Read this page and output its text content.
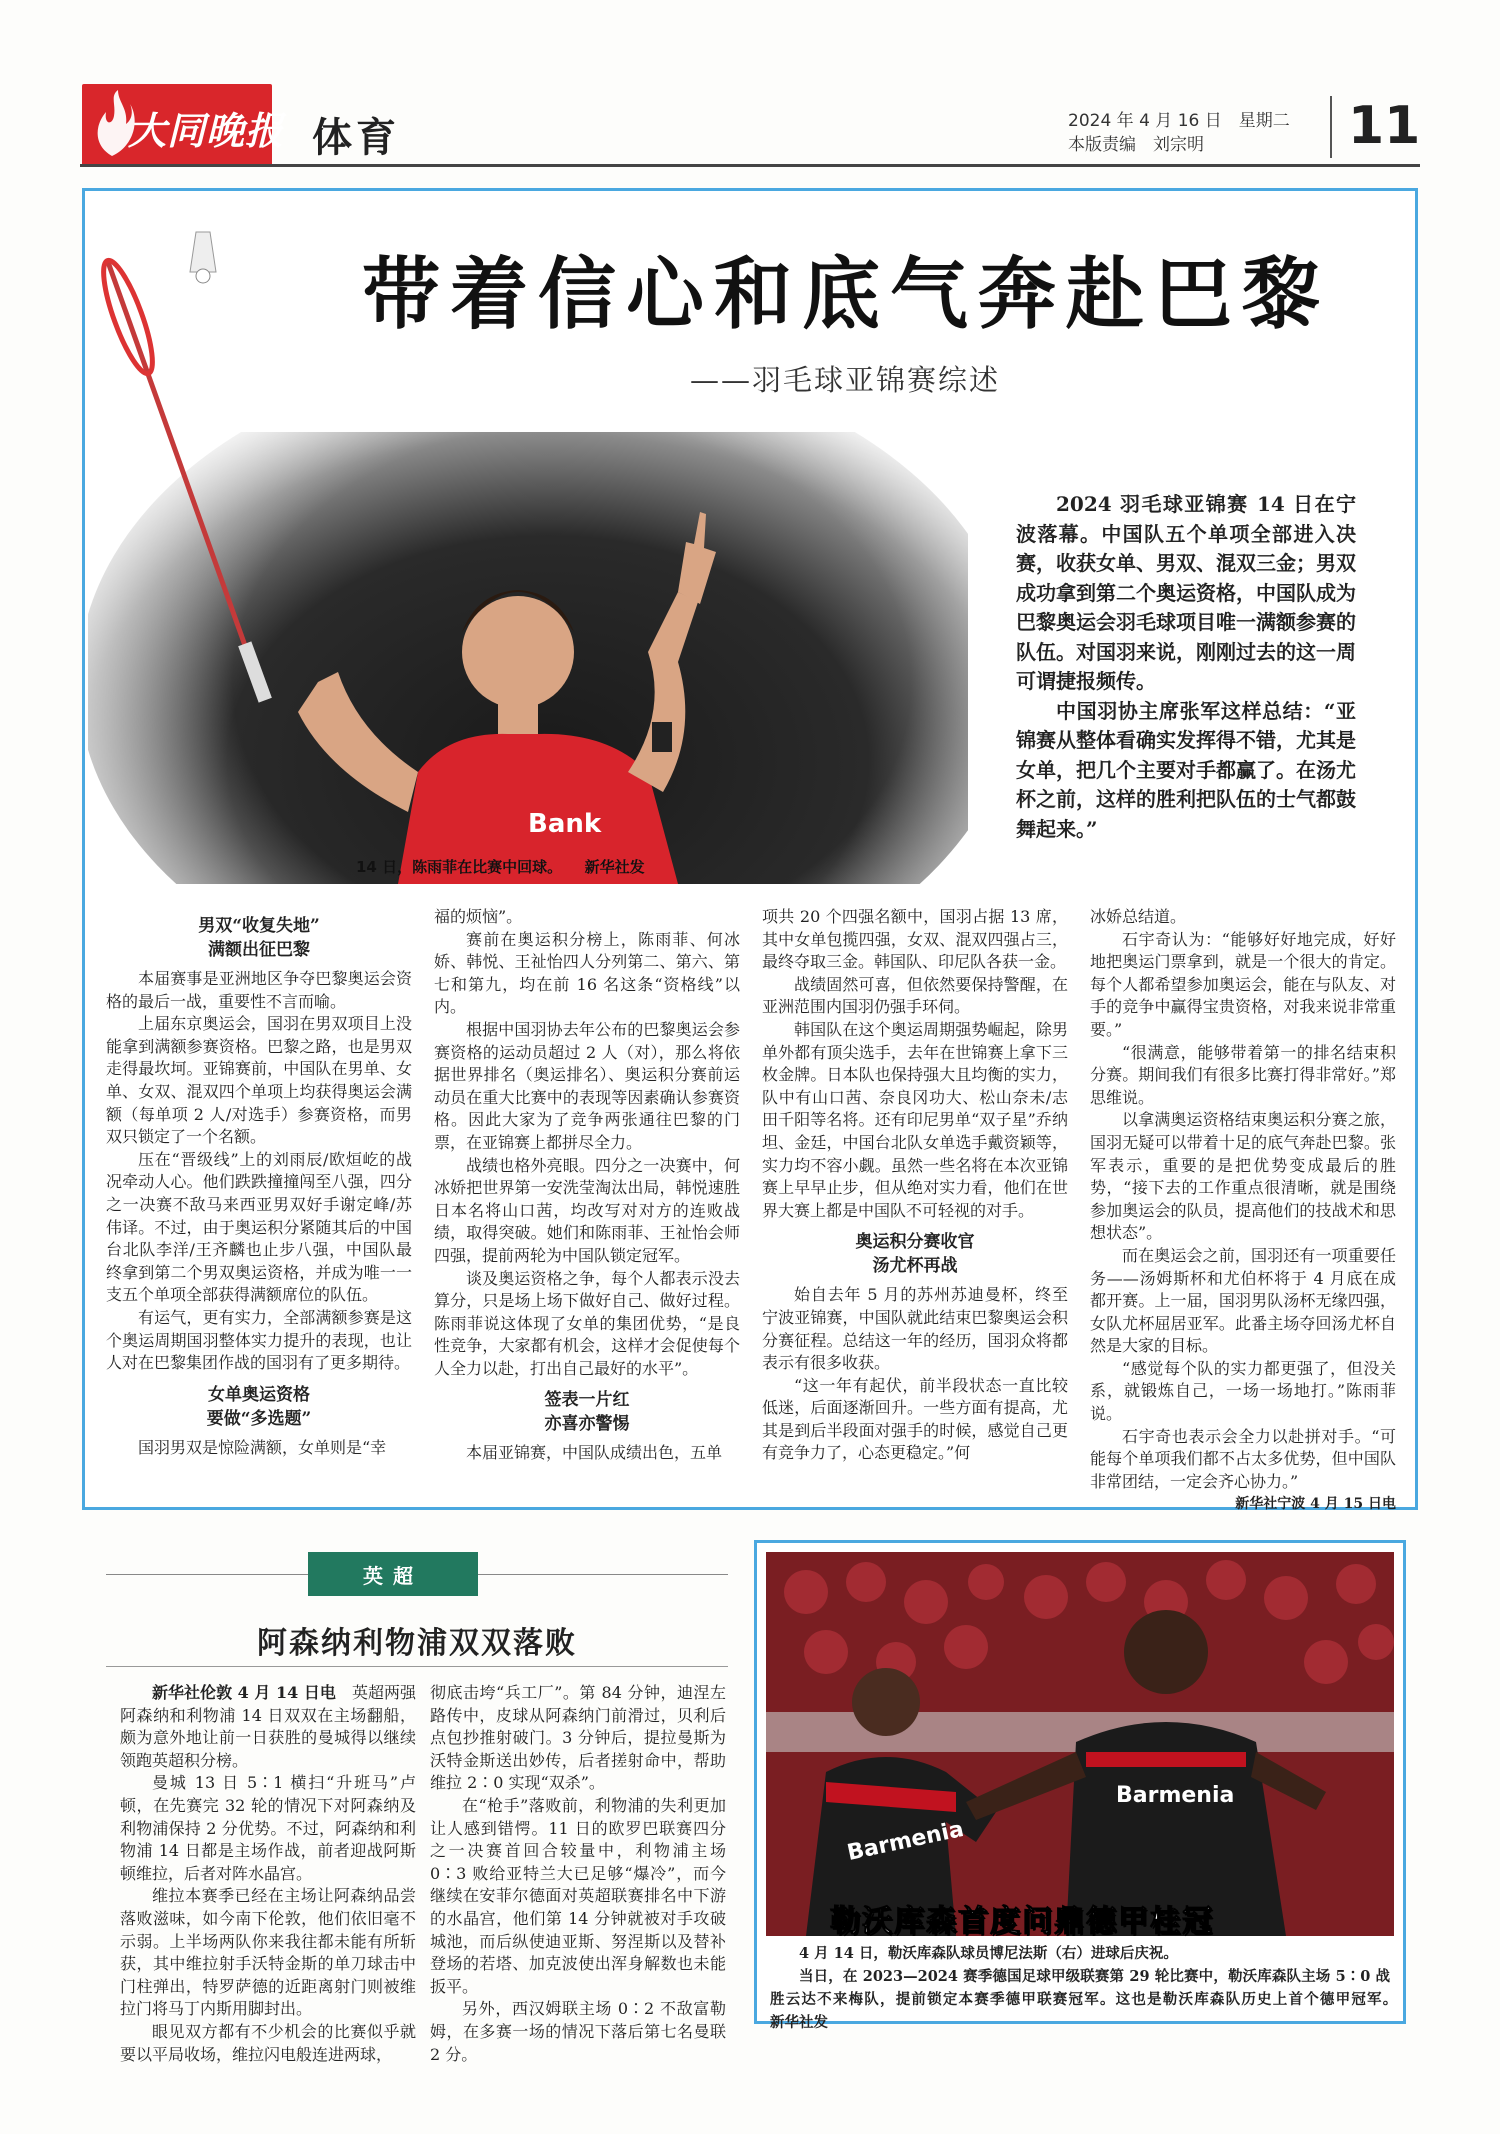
大同晚报 体育	2024 年 4 月 16 日　星期二
本版责编　刘宗明	11
Bank
带着信心和底气奔赴巴黎
——羽毛球亚锦赛综述
14 日，陈雨菲在比赛中回球。　　新华社发

2024 羽毛球亚锦赛 14 日在宁波落幕。中国队五个单项全部进入决赛，收获女单、男双、混双三金；男双成功拿到第二个奥运资格，中国队成为巴黎奥运会羽毛球项目唯一满额参赛的队伍。对国羽来说，刚刚过去的这一周可谓捷报频传。

中国羽协主席张军这样总结：“亚锦赛从整体看确实发挥得不错，尤其是女单，把几个主要对手都赢了。在汤尤杯之前，这样的胜利把队伍的士气都鼓舞起来。”

男双“收复失地”
满额出征巴黎

本届赛事是亚洲地区争夺巴黎奥运会资格的最后一战，重要性不言而喻。

上届东京奥运会，国羽在男双项目上没能拿到满额参赛资格。巴黎之路，也是男双走得最坎坷。亚锦赛前，中国队在男单、女单、女双、混双四个单项上均获得奥运会满额（每单项 2 人/对选手）参赛资格，而男双只锁定了一个名额。

压在“晋级线”上的刘雨辰/欧烜屹的战况牵动人心。他们跌跌撞撞闯至八强，四分之一决赛不敌马来西亚男双好手谢定峰/苏伟译。不过，由于奥运积分紧随其后的中国台北队李洋/王齐麟也止步八强，中国队最终拿到第二个男双奥运资格，并成为唯一一支五个单项全部获得满额席位的队伍。

有运气，更有实力，全部满额参赛是这个奥运周期国羽整体实力提升的表现，也让人对在巴黎集团作战的国羽有了更多期待。

女单奥运资格
要做“多选题”

国羽男双是惊险满额，女单则是“幸

福的烦恼”。

赛前在奥运积分榜上，陈雨菲、何冰娇、韩悦、王祉怡四人分列第二、第六、第七和第九，均在前 16 名这条“资格线”以内。

根据中国羽协去年公布的巴黎奥运会参赛资格的运动员超过 2 人（对），那么将依据世界排名（奥运排名）、奥运积分赛前运动员在重大比赛中的表现等因素确认参赛资格。因此大家为了竞争两张通往巴黎的门票，在亚锦赛上都拼尽全力。

战绩也格外亮眼。四分之一决赛中，何冰娇把世界第一安洗莹淘汰出局，韩悦速胜日本名将山口茜，均改写对对方的连败战绩，取得突破。她们和陈雨菲、王祉怡会师四强，提前两轮为中国队锁定冠军。

谈及奥运资格之争，每个人都表示没去算分，只是场上场下做好自己、做好过程。陈雨菲说这体现了女单的集团优势，“是良性竞争，大家都有机会，这样才会促使每个人全力以赴，打出自己最好的水平”。

签表一片红
亦喜亦警惕

本届亚锦赛，中国队成绩出色，五单

项共 20 个四强名额中，国羽占据 13 席，其中女单包揽四强，女双、混双四强占三，最终夺取三金。韩国队、印尼队各获一金。

战绩固然可喜，但依然要保持警醒，在亚洲范围内国羽仍强手环伺。

韩国队在这个奥运周期强势崛起，除男单外都有顶尖选手，去年在世锦赛上拿下三枚金牌。日本队也保持强大且均衡的实力，队中有山口茜、奈良冈功大、松山奈未/志田千阳等名将。还有印尼男单“双子星”乔纳坦、金廷，中国台北队女单选手戴资颖等，实力均不容小觑。虽然一些名将在本次亚锦赛上早早止步，但从绝对实力看，他们在世界大赛上都是中国队不可轻视的对手。

奥运积分赛收官
汤尤杯再战

始自去年 5 月的苏州苏迪曼杯，终至宁波亚锦赛，中国队就此结束巴黎奥运会积分赛征程。总结这一年的经历，国羽众将都表示有很多收获。

“这一年有起伏，前半段状态一直比较低迷，后面逐渐回升。一些方面有提高，尤其是到后半段面对强手的时候，感觉自己更有竞争力了，心态更稳定。”何

冰娇总结道。

石宇奇认为：“能够好好地完成，好好地把奥运门票拿到，就是一个很大的肯定。每个人都希望参加奥运会，能在与队友、对手的竞争中赢得宝贵资格，对我来说非常重要。”

“很满意，能够带着第一的排名结束积分赛。期间我们有很多比赛打得非常好。”郑思维说。

以拿满奥运资格结束奥运积分赛之旅，国羽无疑可以带着十足的底气奔赴巴黎。张军表示，重要的是把优势变成最后的胜势，“接下去的工作重点很清晰，就是围绕参加奥运会的队员，提高他们的技战术和思想状态”。

而在奥运会之前，国羽还有一项重要任务——汤姆斯杯和尤伯杯将于 4 月底在成都开赛。上一届，国羽男队汤杯无缘四强，女队尤杯屈居亚军。此番主场夺回汤尤杯自然是大家的目标。

“感觉每个队的实力都更强了，但没关系，就锻炼自己，一场一场地打。”陈雨菲说。

石宇奇也表示会全力以赴拼对手。“可能每个单项我们都不占太多优势，但中国队非常团结，一定会齐心协力。”

新华社宁波 4 月 15 日电
英超
阿森纳利物浦双双落败

新华社伦敦 4 月 14 日电　 英超两强阿森纳和利物浦 14 日双双在主场翻船，颇为意外地让前一日获胜的曼城得以继续领跑英超积分榜。

曼城 13 日 5∶1 横扫“升班马”卢顿，在先赛完 32 轮的情况下对阿森纳及利物浦保持 2 分优势。不过，阿森纳和利物浦 14 日都是主场作战，前者迎战阿斯顿维拉，后者对阵水晶宫。

维拉本赛季已经在主场让阿森纳品尝落败滋味，如今南下伦敦，他们依旧毫不示弱。上半场两队你来我往都未能有所斩获，其中维拉射手沃特金斯的单刀球击中门柱弹出，特罗萨德的近距离射门则被维拉门将马丁内斯用脚封出。

眼见双方都有不少机会的比赛似乎就要以平局收场，维拉闪电般连进两球，

彻底击垮“兵工厂”。第 84 分钟，迪涅左路传中，皮球从阿森纳门前滑过，贝利后点包抄推射破门。3 分钟后，提拉曼斯为沃特金斯送出妙传，后者搓射命中，帮助维拉 2∶0 实现“双杀”。

在“枪手”落败前，利物浦的失利更加让人感到错愕。11 日的欧罗巴联赛四分之一决赛首回合较量中，利物浦主场 0∶3 败给亚特兰大已足够“爆冷”，而今继续在安菲尔德面对英超联赛排名中下游的水晶宫，他们第 14 分钟就被对手攻破城池，而后纵使迪亚斯、努涅斯以及替补登场的若塔、加克波使出浑身解数也未能扳平。

另外，西汉姆联主场 0∶2 不敌富勒姆，在多赛一场的情况下落后第七名曼联 2 分。

Barmenia
Barmenia
勒沃库森首度问鼎德甲桂冠

4 月 14 日，勒沃库森队球员博尼法斯（右）进球后庆祝。

当日，在 2023—2024 赛季德国足球甲级联赛第 29 轮比赛中，勒沃库森队主场 5∶0 战胜云达不来梅队，提前锁定本赛季德甲联赛冠军。这也是勒沃库森队历史上首个德甲冠军。　　　新华社发
